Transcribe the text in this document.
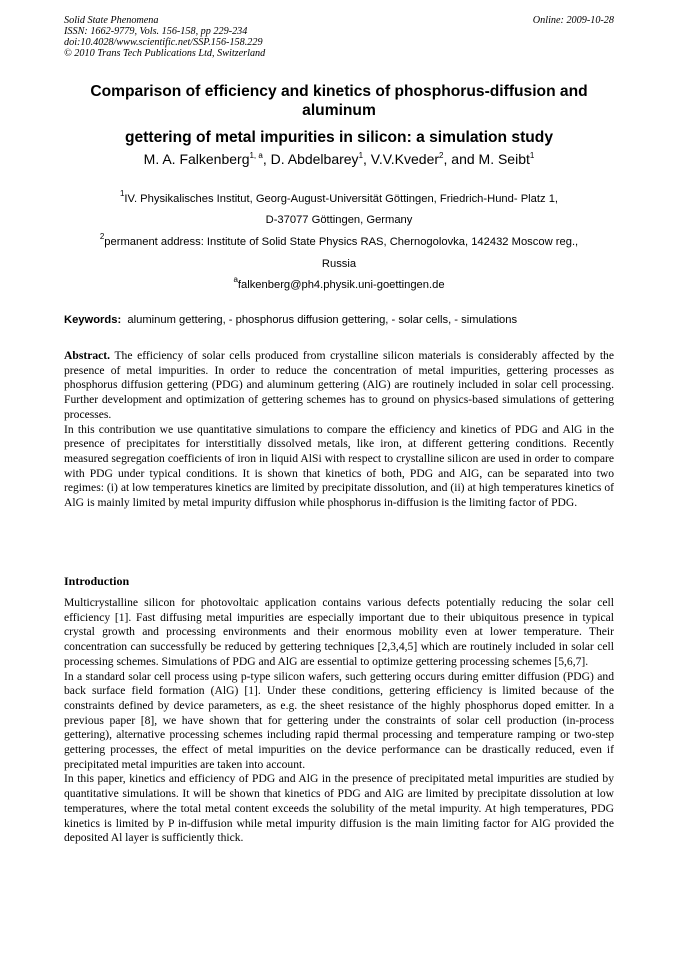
Solid State Phenomena
ISSN: 1662-9779, Vols. 156-158, pp 229-234
doi:10.4028/www.scientific.net/SSP.156-158.229
© 2010 Trans Tech Publications Ltd, Switzerland
Online: 2009-10-28
Comparison of efficiency and kinetics of phosphorus-diffusion and
aluminum
gettering of metal impurities in silicon: a simulation study
M. A. Falkenberg$^{1, a}$, D. Abdelbarey$^1$, V.V.Kveder$^2$, and M. Seibt$^1$
$^1$IV. Physikalisches Institut, Georg-August-Universität Göttingen, Friedrich-Hund- Platz 1,
D-37077 Göttingen, Germany
$^2$permanent address: Institute of Solid State Physics RAS, Chernogolovka, 142432 Moscow reg.,
Russia
$^a$falkenberg@ph4.physik.uni-goettingen.de
Keywords: aluminum gettering, - phosphorus diffusion gettering, - solar cells, - simulations

Abstract. The efficiency of solar cells produced from crystalline silicon materials is considerably affected by the presence of metal impurities. In order to reduce the concentration of metal impurities, gettering processes as phosphorus diffusion gettering (PDG) and aluminum gettering (AlG) are routinely included in solar cell processing. Further development and optimization of gettering schemes has to ground on physics-based simulations of gettering processes.

In this contribution we use quantitative simulations to compare the efficiency and kinetics of PDG and AlG in the presence of precipitates for interstitially dissolved metals, like iron, at different gettering conditions. Recently measured segregation coefficients of iron in liquid AlSi with respect to crystalline silicon are used in order to compare with PDG under typical conditions. It is shown that kinetics of both, PDG and AlG, can be separated into two regimes: (i) at low temperatures kinetics are limited by precipitate dissolution, and (ii) at high temperatures kinetics of AlG is mainly limited by metal impurity diffusion while phosphorus in-diffusion is the limiting factor of PDG.

Introduction

Multicrystalline silicon for photovoltaic application contains various defects potentially reducing the solar cell efficiency [1]. Fast diffusing metal impurities are especially important due to their ubiquitous presence in typical crystal growth and processing environments and their enormous mobility even at lower temperature. Their concentration can successfully be reduced by gettering techniques [2,3,4,5] which are routinely included in solar cell processing schemes. Simulations of PDG and AlG are essential to optimize gettering processing schemes [5,6,7].

In a standard solar cell process using p-type silicon wafers, such gettering occurs during emitter diffusion (PDG) and back surface field formation (AlG) [1]. Under these conditions, gettering efficiency is limited because of the constraints defined by device parameters, as e.g. the sheet resistance of the highly phosphorus doped emitter. In a previous paper [8], we have shown that for gettering under the constraints of solar cell production (in-process gettering), alternative processing schemes including rapid thermal processing and temperature ramping or two-step gettering processes, the effect of metal impurities on the device performance can be drastically reduced, even if precipitated metal impurities are taken into account.

In this paper, kinetics and efficiency of PDG and AlG in the presence of precipitated metal impurities are studied by quantitative simulations. It will be shown that kinetics of PDG and AlG are limited by precipitate dissolution at low temperatures, where the total metal content exceeds the solubility of the metal impurity. At high temperatures, PDG kinetics is limited by P in-diffusion while metal impurity diffusion is the main limiting factor for AlG provided the deposited Al layer is sufficiently thick.
